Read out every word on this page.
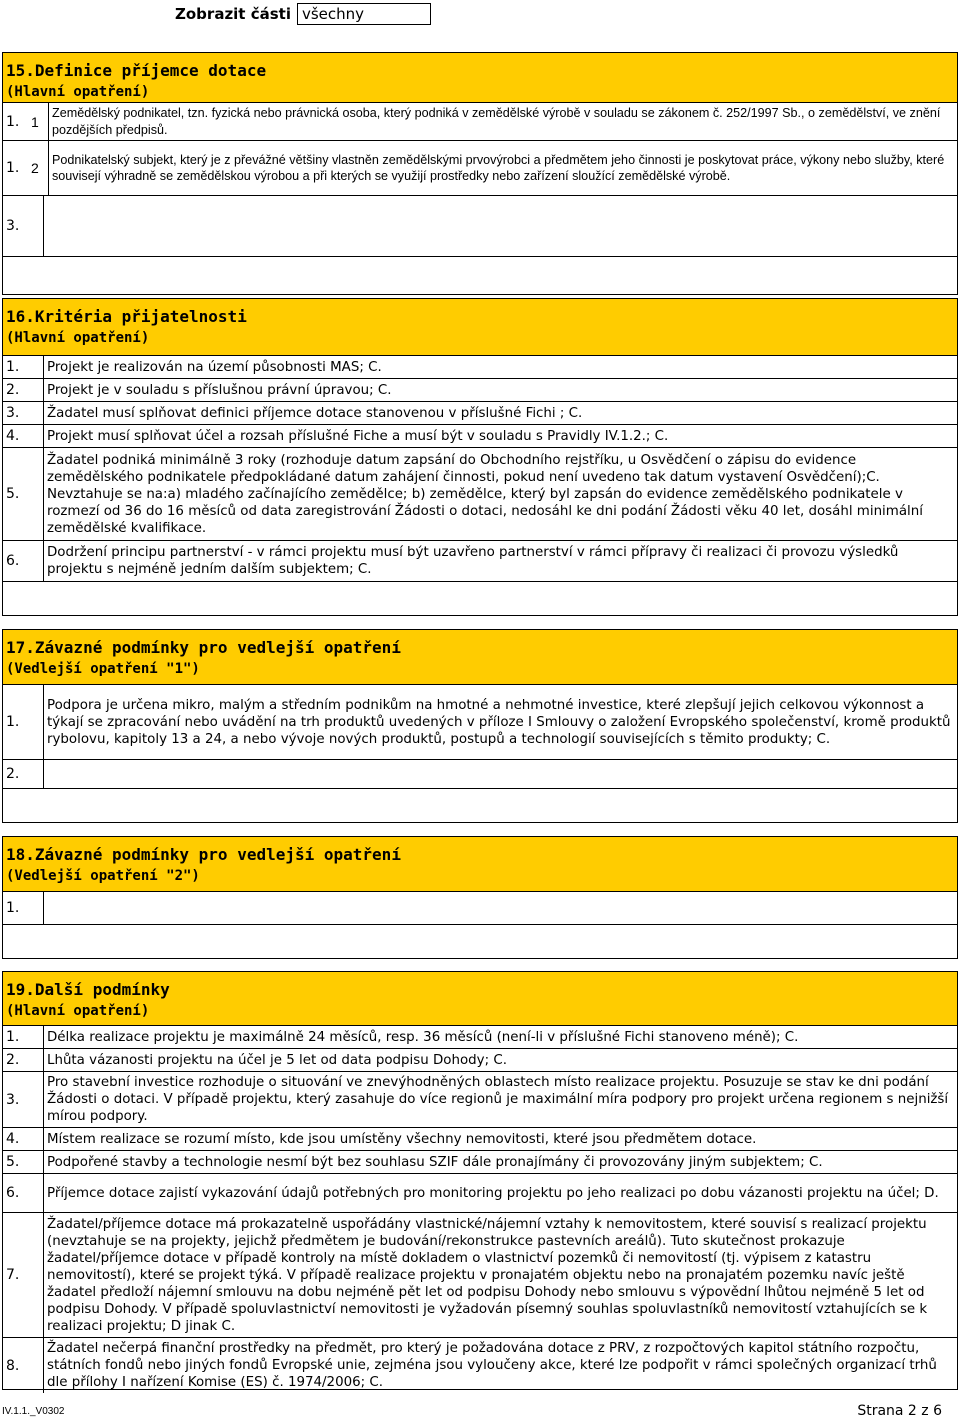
Zobrazit části všechny
15.Definice příjemce dotace
(Hlavní opatření)
1. 1
Zemědělský podnikatel, tzn. fyzická nebo právnická osoba, který podniká v zemědělské výrobě v souladu se zákonem č. 252/1997 Sb., o zemědělství, ve znění pozdějších předpisů.
1. 2
Podnikatelský subjekt, který je z převážné většiny vlastněn zemědělskými prvovýrobci a předmětem jeho činnosti je poskytovat práce, výkony nebo služby, které souvisejí výhradně se zemědělskou výrobou a při kterých se využijí prostředky nebo zařízení sloužící zemědělské výrobě.
3.
16.Kritéria přijatelnosti
(Hlavní opatření)
1.	Projekt je realizován na území působnosti MAS; C.
2.	Projekt je v souladu s příslušnou právní úpravou; C.
3.	Žadatel musí splňovat definici příjemce dotace stanovenou v příslušné Fichi ; C.
4.	Projekt musí splňovat účel a rozsah příslušné Fiche a musí být v souladu s Pravidly IV.1.2.; C.
5.
Žadatel podniká minimálně 3 roky (rozhoduje datum zapsání do Obchodního rejstříku, u Osvědčení o zápisu do evidence zemědělského podnikatele předpokládané datum zahájení činnosti, pokud není uvedeno tak datum vystavení Osvědčení);C. Nevztahuje se na:a) mladého začínajícího zemědělce; b) zemědělce, který byl zapsán do evidence zemědělského podnikatele v rozmezí od 36 do 16 měsíců od data zaregistrování Žádosti o dotaci, nedosáhl ke dni podání Žádosti věku 40 let, dosáhl minimální zemědělské kvalifikace.
6.
Dodržení principu partnerství - v rámci projektu musí být uzavřeno partnerství v rámci přípravy či realizaci či provozu výsledků projektu s nejméně jedním dalším subjektem; C.
17.Závazné podmínky pro vedlejší opatření
(Vedlejší opatření "1")
1.
Podpora je určena mikro, malým a středním podnikům na hmotné a nehmotné investice, které zlepšují jejich celkovou výkonnost a týkají se zpracování nebo uvádění na trh produktů uvedených v příloze I Smlouvy o založení Evropského společenství, kromě produktů rybolovu, kapitoly 13 a 24, a nebo vývoje nových produktů, postupů a technologií souvisejících s těmito produkty; C.
2.
18.Závazné podmínky pro vedlejší opatření
(Vedlejší opatření "2")
1.
19.Další podmínky
(Hlavní opatření)
1.	Délka realizace projektu je maximálně 24 měsíců, resp. 36 měsíců (není-li v příslušné Fichi stanoveno méně); C.
2.	Lhůta vázanosti projektu na účel je 5 let od data podpisu Dohody; C.
3.
Pro stavební investice rozhoduje o situování ve znevýhodněných oblastech místo realizace projektu. Posuzuje se stav ke dni podání Žádosti o dotaci. V případě projektu, který zasahuje do více regionů je maximální míra podpory pro projekt určena regionem s nejnižší mírou podpory.
4.	Místem realizace se rozumí místo, kde jsou umístěny všechny nemovitosti, které jsou předmětem dotace.
5.	Podpořené stavby a technologie nesmí být bez souhlasu SZIF dále pronajímány či provozovány jiným subjektem; C.
6.	Příjemce dotace zajistí vykazování údajů potřebných pro monitoring projektu po jeho realizaci po dobu vázanosti projektu na účel; D.
7.
Žadatel/příjemce dotace má prokazatelně uspořádány vlastnické/nájemní vztahy k nemovitostem, které souvisí s realizací projektu (nevztahuje se na projekty, jejichž předmětem je budování/rekonstrukce pastevních areálů). Tuto skutečnost prokazuje žadatel/příjemce dotace v případě kontroly na místě dokladem o vlastnictví pozemků či nemovitostí (tj. výpisem z katastru nemovitostí), které se projekt týká. V případě realizace projektu v pronajatém objektu nebo na pronajatém pozemku navíc ještě žadatel předloží nájemní smlouvu na dobu nejméně pět let od podpisu Dohody nebo smlouvu s výpovědní lhůtou nejméně 5 let od podpisu Dohody. V případě spoluvlastnictví nemovitosti je vyžadován písemný souhlas spoluvlastníků nemovitostí vztahujících se k realizaci projektu; D jinak C.
8.
Žadatel nečerpá finanční prostředky na předmět, pro který je požadována dotace z PRV, z rozpočtových kapitol státního rozpočtu, státních fondů nebo jiných fondů Evropské unie, zejména jsou vyloučeny akce, které lze podpořit v rámci společných organizací trhů dle přílohy I nařízení Komise (ES) č. 1974/2006; C.
IV.1.1._V0302	Strana 2 z 6
